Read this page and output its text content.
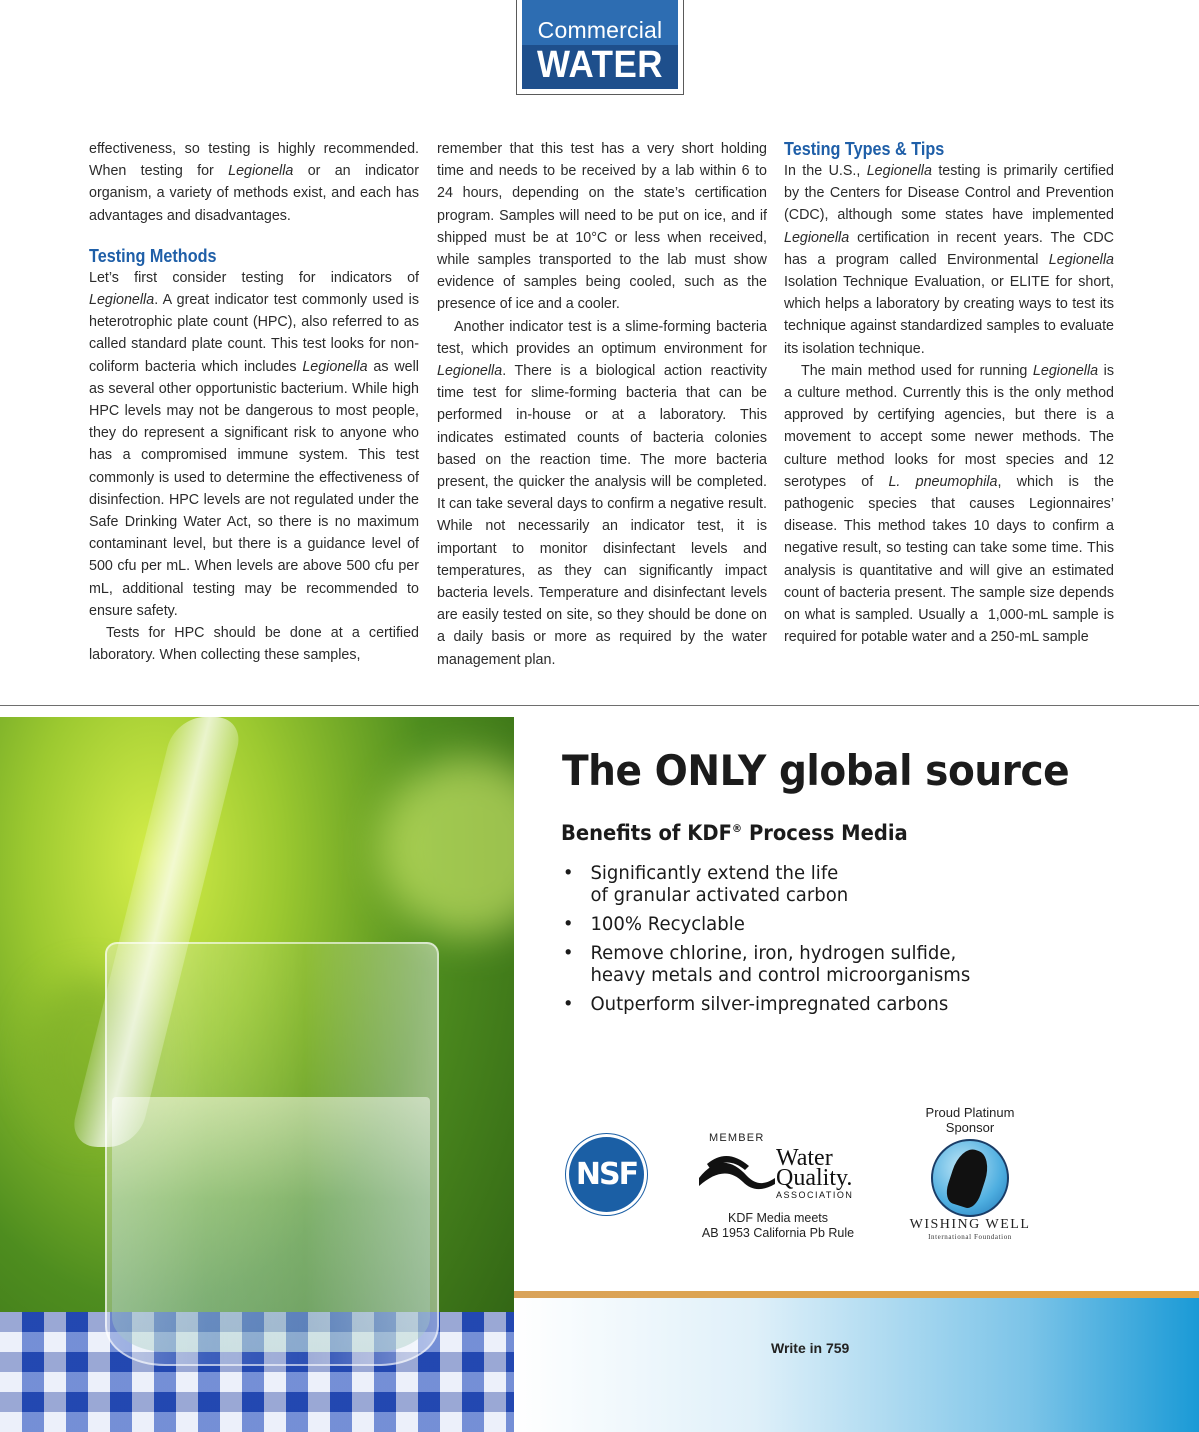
Commercial
WATER

effectiveness, so testing is highly recommended. When testing for Legionella or an indicator organism, a variety of methods exist, and each has advantages and disadvantages.

Testing Methods

Let’s first consider testing for indicators of Legionella. A great indicator test commonly used is heterotrophic plate count (HPC), also referred to as called standard plate count. This test looks for non-coliform bacteria which includes Legionella as well as several other opportunistic bacterium. While high HPC levels may not be dangerous to most people, they do represent a significant risk to anyone who has a compromised immune system. This test commonly is used to determine the effectiveness of disinfection. HPC levels are not regulated under the Safe Drinking Water Act, so there is no maximum contaminant level, but there is a guidance level of 500 cfu per mL. When levels are above 500 cfu per mL, additional testing may be recommended to ensure safety.

Tests for HPC should be done at a certified laboratory. When collecting these samples,

remember that this test has a very short holding time and needs to be received by a lab within 6 to 24 hours, depending on the state’s certification program. Samples will need to be put on ice, and if shipped must be at 10°C or less when received, while samples transported to the lab must show evidence of samples being cooled, such as the presence of ice and a cooler.

Another indicator test is a slime-forming bacteria test, which provides an optimum environment for Legionella. There is a biological action reactivity time test for slime-forming bacteria that can be performed in-house or at a laboratory. This indicates estimated counts of bacteria colonies based on the reaction time. The more bacteria present, the quicker the analysis will be completed. It can take several days to confirm a negative result. While not necessarily an indicator test, it is important to monitor disinfectant levels and temperatures, as they can significantly impact bacteria levels. Temperature and disinfectant levels are easily tested on site, so they should be done on a daily basis or more as required by the water management plan.

Testing Types & Tips

In the U.S., Legionella testing is primarily certified by the Centers for Disease Control and Prevention (CDC), although some states have implemented Legionella certification in recent years. The CDC has a program called Environmental Legionella Isolation Technique Evaluation, or ELITE for short, which helps a laboratory by creating ways to test its technique against standardized samples to evaluate its isolation technique.

The main method used for running Legionella is a culture method. Currently this is the only method approved by certifying agencies, but there is a movement to accept some newer methods. The culture method looks for most species and 12 serotypes of L. pneumophila, which is the pathogenic species that causes Legionnaires’ disease. This method takes 10 days to confirm a negative result, so testing can take some time. This analysis is quantitative and will give an estimated count of bacteria present. The sample size depends on what is sampled. Usually a  1,000-mL sample is required for potable water and a 250-mL sample

The ONLY global source
Benefits of KDF® Process Media
• Significantly extend the life
of granular activated carbon
• 100% Recyclable
• Remove chlorine, iron, hydrogen sulfide,
heavy metals and control microorganisms
• Outperform silver-impregnated carbons
NSF
MEMBER
Water
Quality.
ASSOCIATION
KDF Media meets
AB 1953 California Pb Rule
Proud Platinum
Sponsor
WISHING WELL
International Foundation
Write in 759
